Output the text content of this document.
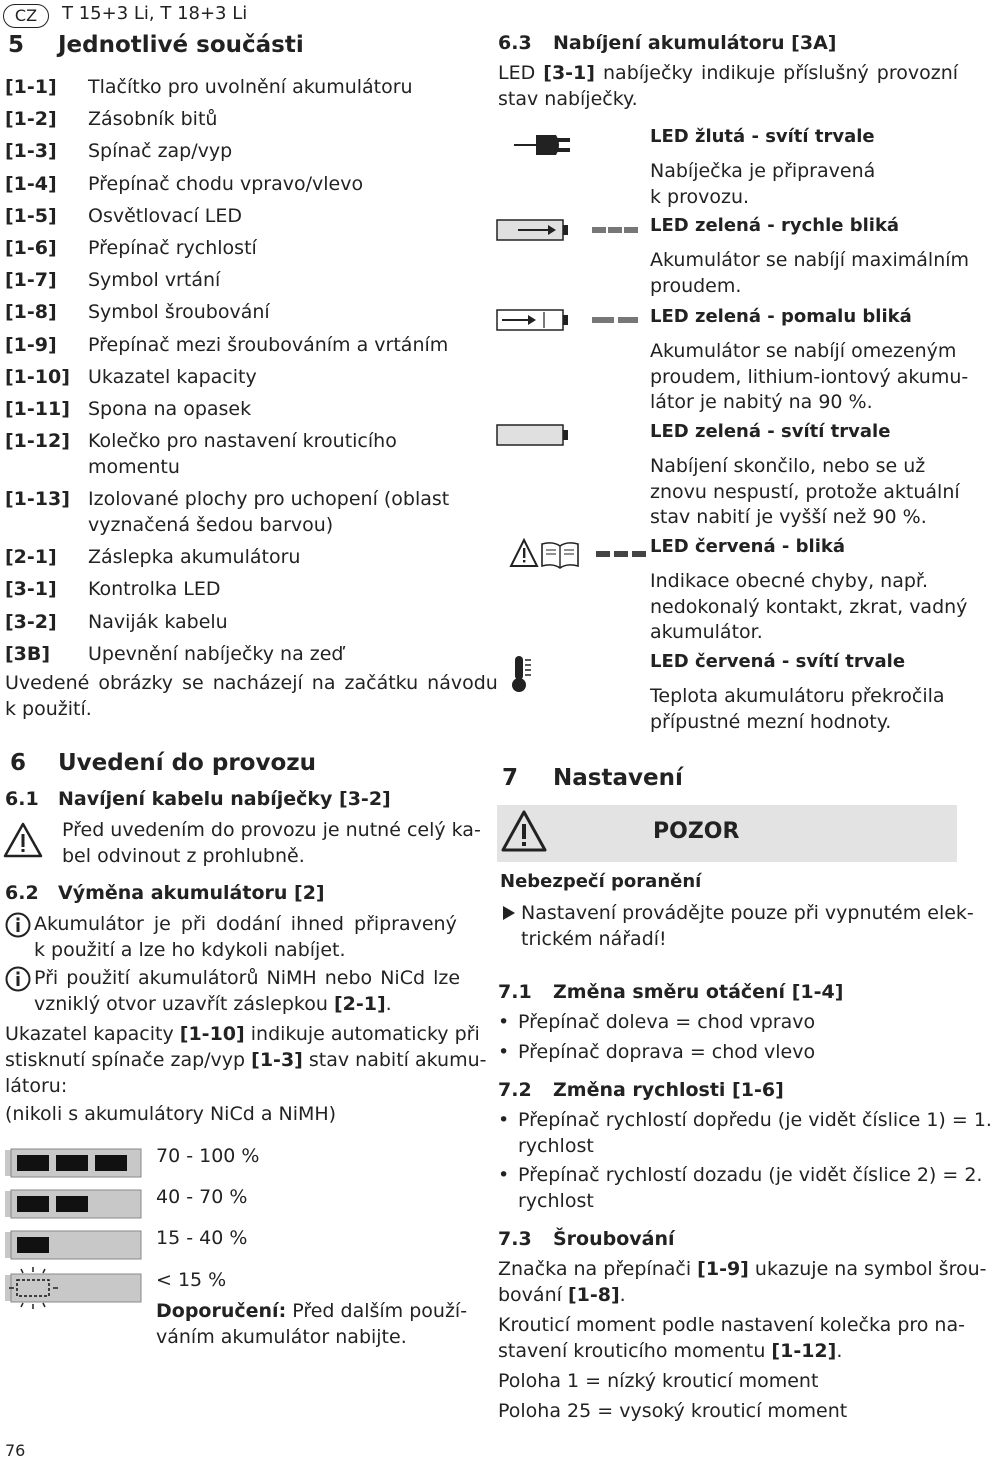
CZ	T 15+3 Li, T 18+3 Li
5 Jednotlivé součásti
[1-1] Tlačítko pro uvolnění akumulátoru
[1-2] Zásobník bitů
[1-3] Spínač zap/vyp
[1-4] Přepínač chodu vpravo/vlevo
[1-5] Osvětlovací LED
[1-6] Přepínač rychlostí
[1-7] Symbol vrtání
[1-8] Symbol šroubování
[1-9] Přepínač mezi šroubováním a vrtáním
[1-10] Ukazatel kapacity
[1-11] Spona na opasek
[1-12] Kolečko pro nastavení krouticího
momentu
[1-13] Izolované plochy pro uchopení (oblast
vyznačená šedou barvou)
[2-1] Záslepka akumulátoru
[3-1] Kontrolka LED
[3-2] Naviják kabelu
[3B] Upevnění nabíječky na zeď
Uvedené obrázky se nacházejí na začátku návodu
k použití.
6 Uvedení do provozu
6.1 Navíjení kabelu nabíječky [3-2]
Před uvedením do provozu je nutné celý ka-
bel odvinout z prohlubně.
6.2 Výměna akumulátoru [2]
Akumulátor je při dodání ihned připravený
k použití a lze ho kdykoli nabíjet.
Při použití akumulátorů NiMH nebo NiCd lze
vzniklý otvor uzavřít záslepkou [2-1].
Ukazatel kapacity [1-10] indikuje automaticky při
stisknutí spínače zap/vyp [1-3] stav nabití akumu-
látoru:
(nikoli s akumulátory NiCd a NiMH)
70 - 100 %
40 - 70 %
15 - 40 %
< 15 %
Doporučení: Před dalším použí-
váním akumulátor nabijte.
6.3 Nabíjení akumulátoru [3A]
LED [3-1] nabíječky indikuje příslušný provozní
stav nabíječky.
LED žlutá - svítí trvale
Nabíječka je připravená
k provozu.
LED zelená - rychle bliká
Akumulátor se nabíjí maximálním
proudem.
LED zelená - pomalu bliká
Akumulátor se nabíjí omezeným
proudem, lithium-iontový akumu-
látor je nabitý na 90 %.
LED zelená - svítí trvale
Nabíjení skončilo, nebo se už
znovu nespustí, protože aktuální
stav nabití je vyšší než 90 %.
LED červená - bliká
Indikace obecné chyby, např.
nedokonalý kontakt, zkrat, vadný
akumulátor.
LED červená - svítí trvale
Teplota akumulátoru překročila
přípustné mezní hodnoty.
7 Nastavení
POZOR
Nebezpečí poranění
Nastavení provádějte pouze při vypnutém elek-
trickém nářadí!
7.1 Změna směru otáčení [1-4]
• Přepínač doleva = chod vpravo
• Přepínač doprava = chod vlevo
7.2 Změna rychlosti [1-6]
• Přepínač rychlostí dopředu (je vidět číslice 1) = 1.
rychlost
• Přepínač rychlostí dozadu (je vidět číslice 2) = 2.
rychlost
7.3 Šroubování
Značka na přepínači [1-9] ukazuje na symbol šrou-
bování [1-8].
Krouticí moment podle nastavení kolečka pro na-
stavení krouticího momentu [1-12].
Poloha 1 = nízký krouticí moment
Poloha 25 = vysoký krouticí moment
76
